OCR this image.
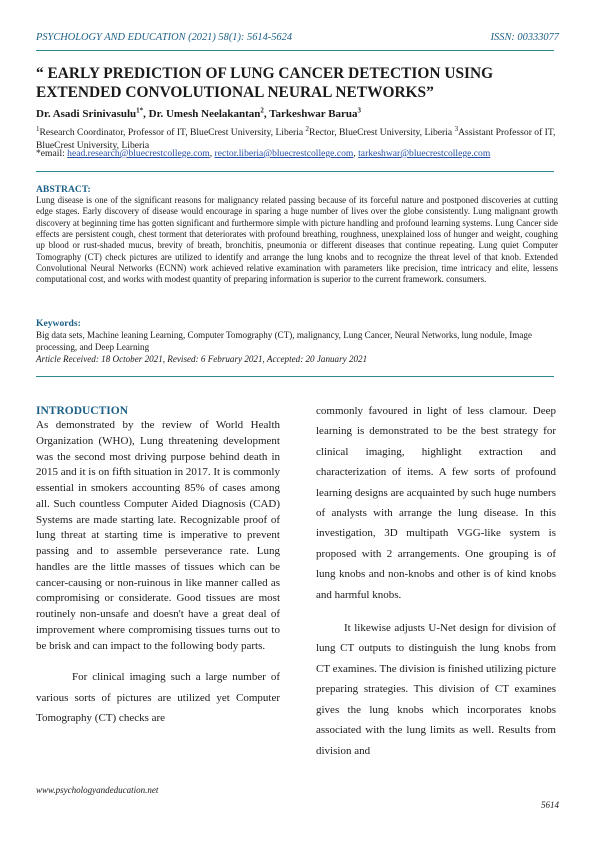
PSYCHOLOGY AND EDUCATION (2021) 58(1): 5614-5624	ISSN: 00333077
“ EARLY PREDICTION OF LUNG CANCER DETECTION USING EXTENDED CONVOLUTIONAL NEURAL NETWORKS”
Dr. Asadi Srinivasulu$^{1*}$, Dr. Umesh Neelakantan$^2$, Tarkeshwar Barua$^3$
$^1$Research Coordinator, Professor of IT, BlueCrest University, Liberia $^2$Rector, BlueCrest University, Liberia $^3$Assistant Professor of IT, BlueCrest University, Liberia
*email: head.research@bluecrestcollege.com, rector.liberia@bluecrestcollege.com, tarkeshwar@bluecrestcollege.com
ABSTRACT:
Lung disease is one of the significant reasons for malignancy related passing because of its forceful nature and postponed discoveries at cutting edge stages. Early discovery of disease would encourage in sparing a huge number of lives over the globe consistently. Lung malignant growth discovery at beginning time has gotten significant and furthermore simple with picture handling and profound learning systems. Lung Cancer side effects are persistent cough, chest torment that deteriorates with profound breathing, roughness, unexplained loss of hunger and weight, coughing up blood or rust-shaded mucus, brevity of breath, bronchitis, pneumonia or different diseases that continue repeating. Lung quiet Computer Tomography (CT) check pictures are utilized to identify and arrange the lung knobs and to recognize the threat level of that knob. Extended Convolutional Neural Networks (ECNN) work achieved relative examination with parameters like precision, time intricacy and elite, lessens computational cost, and works with modest quantity of preparing information is superior to the current framework. consumers.
Keywords:
Big data sets, Machine leaning Learning, Computer Tomography (CT), malignancy, Lung Cancer, Neural Networks, lung nodule, Image processing, and Deep Learning
Article Received: 18 October 2021, Revised: 6 February 2021, Accepted: 20 January 2021
INTRODUCTION

As demonstrated by the review of World Health Organization (WHO), Lung threatening development was the second most driving purpose behind death in 2015 and it is on fifth situation in 2017. It is commonly essential in smokers accounting 85% of cases among all. Such countless Computer Aided Diagnosis (CAD) Systems are made starting late. Recognizable proof of lung threat at starting time is imperative to prevent passing and to assemble perseverance rate. Lung handles are the little masses of tissues which can be cancer-causing or non-ruinous in like manner called as compromising or considerate. Good tissues are most routinely non-unsafe and doesn't have a great deal of improvement where compromising tissues turns out to be brisk and can impact to the following body parts.

For clinical imaging such a large number of various sorts of pictures are utilized yet Computer Tomography (CT) checks are

commonly favoured in light of less clamour. Deep learning is demonstrated to be the best strategy for clinical imaging, highlight extraction and characterization of items. A few sorts of profound learning designs are acquainted by such huge numbers of analysts with arrange the lung disease. In this investigation, 3D multipath VGG-like system is proposed with 2 arrangements. One grouping is of lung knobs and non-knobs and other is of kind knobs and harmful knobs.

It likewise adjusts U-Net design for division of lung CT outputs to distinguish the lung knobs from CT examines. The division is finished utilizing picture preparing strategies. This division of CT examines gives the lung knobs which incorporates knobs associated with the lung limits as well. Results from division and

www.psychologyandeducation.net
5614
